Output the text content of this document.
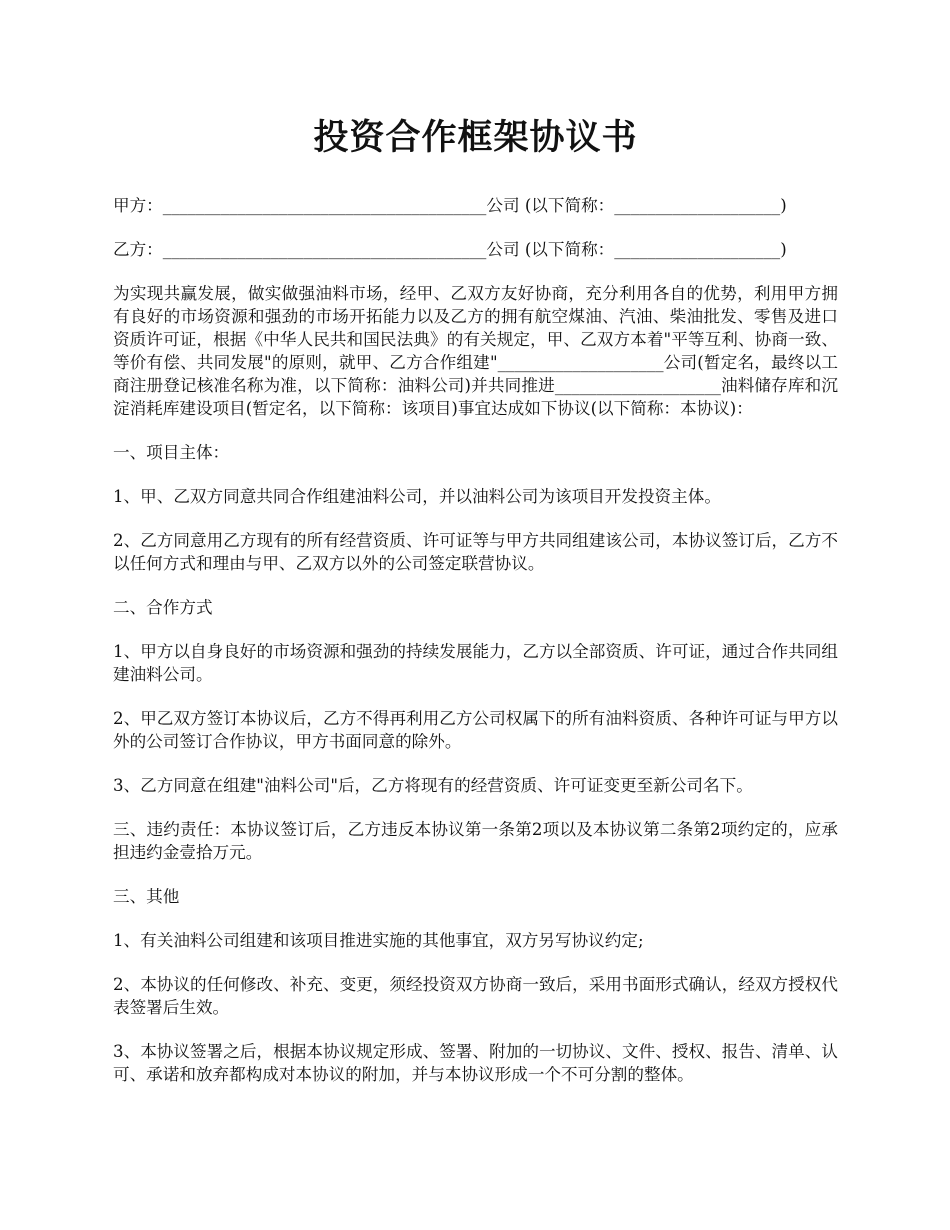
投资合作框架协议书

甲方：_______________________________________公司 (以下简称：____________________)

乙方：_______________________________________公司 (以下简称：____________________)

为实现共赢发展，做实做强油料市场，经甲、乙双方友好协商，充分利用各自的优势，利用甲方拥有良好的市场资源和强劲的市场开拓能力以及乙方的拥有航空煤油、汽油、柴油批发、零售及进口资质许可证，根据《中华人民共和国民法典》的有关规定，甲、乙双方本着"平等互利、协商一致、等价有偿、共同发展"的原则，就甲、乙方合作组建"____________________公司(暂定名，最终以工商注册登记核准名称为准，以下简称：油料公司)并共同推进____________________油料储存库和沉淀消耗库建设项目(暂定名，以下简称：该项目)事宜达成如下协议(以下简称：本协议)：

一、项目主体：

1、甲、乙双方同意共同合作组建油料公司，并以油料公司为该项目开发投资主体。

2、乙方同意用乙方现有的所有经营资质、许可证等与甲方共同组建该公司，本协议签订后，乙方不以任何方式和理由与甲、乙双方以外的公司签定联营协议。

二、合作方式

1、甲方以自身良好的市场资源和强劲的持续发展能力，乙方以全部资质、许可证，通过合作共同组建油料公司。

2、甲乙双方签订本协议后，乙方不得再利用乙方公司权属下的所有油料资质、各种许可证与甲方以外的公司签订合作协议，甲方书面同意的除外。

3、乙方同意在组建"油料公司"后，乙方将现有的经营资质、许可证变更至新公司名下。

三、违约责任：本协议签订后，乙方违反本协议第一条第2项以及本协议第二条第2项约定的，应承担违约金壹拾万元。

三、其他

1、有关油料公司组建和该项目推进实施的其他事宜，双方另写协议约定;

2、本协议的任何修改、补充、变更，须经投资双方协商一致后，采用书面形式确认，经双方授权代表签署后生效。

3、本协议签署之后，根据本协议规定形成、签署、附加的一切协议、文件、授权、报告、清单、认可、承诺和放弃都构成对本协议的附加，并与本协议形成一个不可分割的整体。
